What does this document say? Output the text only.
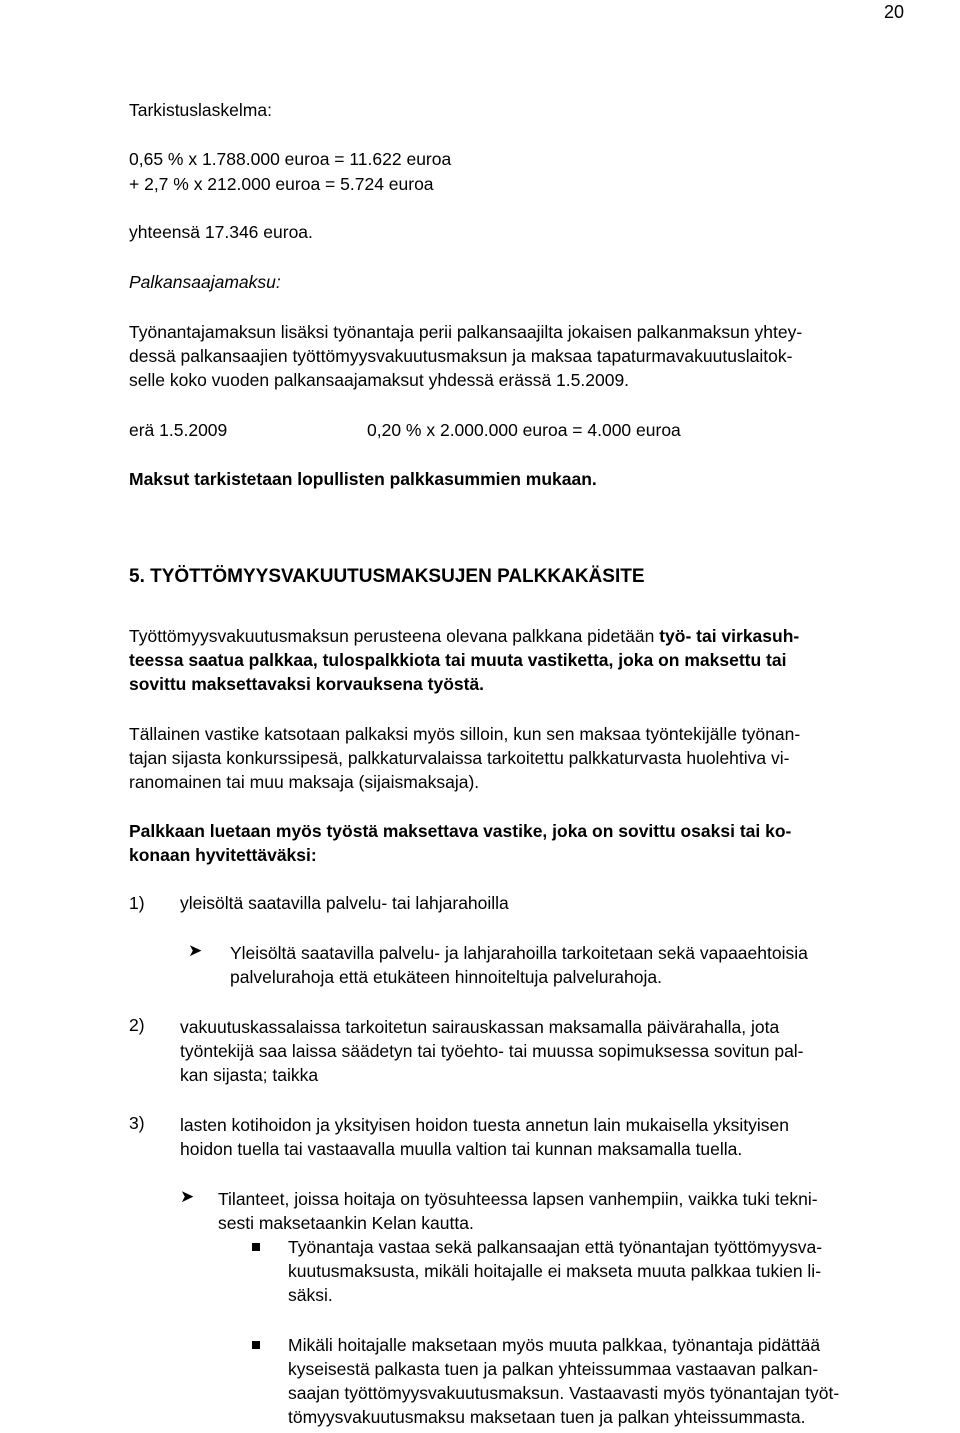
20
Tarkistuslaskelma:
0,65 % x 1.788.000 euroa = 11.622 euroa
+ 2,7 % x 212.000 euroa = 5.724 euroa
yhteensä 17.346 euroa.
Palkansaajamaksu:
Työnantajamaksun lisäksi työnantaja perii palkansaajilta jokaisen palkanmaksun yhtey-
dessä palkansaajien työttömyysvakuutusmaksun ja maksaa tapaturmavakuutuslaitok-
selle koko vuoden palkansaajamaksut yhdessä erässä 1.5.2009.
erä 1.5.2009	0,20 % x 2.000.000 euroa = 4.000 euroa
Maksut tarkistetaan lopullisten palkkasummien mukaan.
5. TYÖTTÖMYYSVAKUUTUSMAKSUJEN PALKKAKÄSITE
Työttömyysvakuutusmaksun perusteena olevana palkkana pidetään työ- tai virkasuh-
teessa saatua palkkaa, tulospalkkiota tai muuta vastiketta, joka on maksettu tai
sovittu maksettavaksi korvauksena työstä.
Tällainen vastike katsotaan palkaksi myös silloin, kun sen maksaa työntekijälle työnan-
tajan sijasta konkurssipesä, palkkaturvalaissa tarkoitettu palkkaturvasta huolehtiva vi-
ranomainen tai muu maksaja (sijaismaksaja).
Palkkaan luetaan myös työstä maksettava vastike, joka on sovittu osaksi tai ko-
konaan hyvitettäväksi:
1) yleisöltä saatavilla palvelu- tai lahjarahoilla
➤ Yleisöltä saatavilla palvelu- ja lahjarahoilla tarkoitetaan sekä vapaaehtoisia
palvelurahoja että etukäteen hinnoiteltuja palvelurahoja.
2) vakuutuskassalaissa tarkoitetun sairauskassan maksamalla päivärahalla, jota
työntekijä saa laissa säädetyn tai työehto- tai muussa sopimuksessa sovitun pal-
kan sijasta; taikka
3) lasten kotihoidon ja yksityisen hoidon tuesta annetun lain mukaisella yksityisen
hoidon tuella tai vastaavalla muulla valtion tai kunnan maksamalla tuella.
➤ Tilanteet, joissa hoitaja on työsuhteessa lapsen vanhempiin, vaikka tuki tekni-
sesti maksetaankin Kelan kautta.
Työnantaja vastaa sekä palkansaajan että työnantajan työttömyysva-
kuutusmaksusta, mikäli hoitajalle ei makseta muuta palkkaa tukien li-
säksi.
Mikäli hoitajalle maksetaan myös muuta palkkaa, työnantaja pidättää
kyseisestä palkasta tuen ja palkan yhteissummaa vastaavan palkan-
saajan työttömyysvakuutusmaksun. Vastaavasti myös työnantajan työt-
tömyysvakuutusmaksu maksetaan tuen ja palkan yhteissummasta.
